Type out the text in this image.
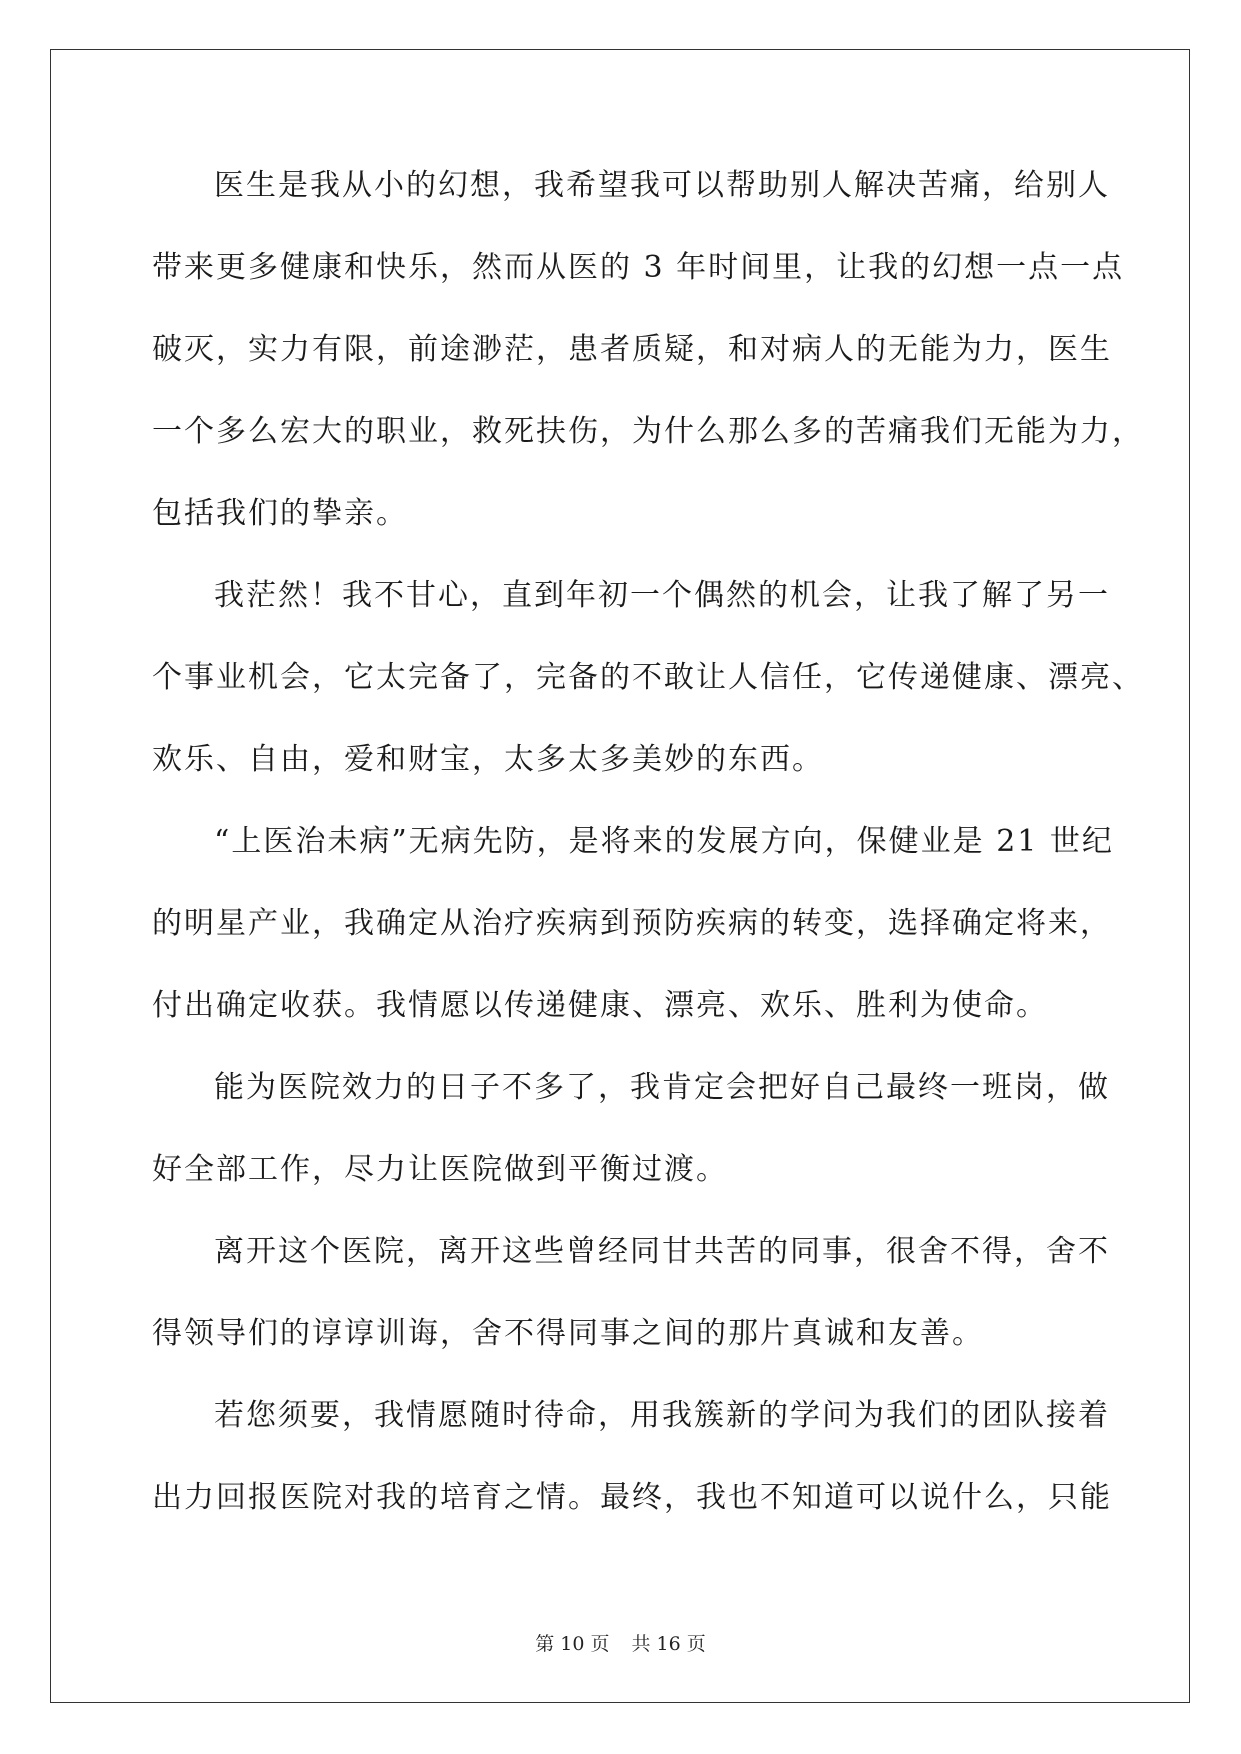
医生是我从小的幻想，我希望我可以帮助别人解决苦痛，给别人
带来更多健康和快乐，然而从医的 3 年时间里，让我的幻想一点一点
破灭，实力有限，前途渺茫，患者质疑，和对病人的无能为力，医生
一个多么宏大的职业，救死扶伤，为什么那么多的苦痛我们无能为力，
包括我们的挚亲。
我茫然！我不甘心，直到年初一个偶然的机会，让我了解了另一
个事业机会，它太完备了，完备的不敢让人信任，它传递健康、漂亮、
欢乐、自由，爱和财宝，太多太多美妙的东西。
“上医治未病”无病先防，是将来的发展方向，保健业是 21 世纪
的明星产业，我确定从治疗疾病到预防疾病的转变，选择确定将来，
付出确定收获。我情愿以传递健康、漂亮、欢乐、胜利为使命。
能为医院效力的日子不多了，我肯定会把好自己最终一班岗，做
好全部工作，尽力让医院做到平衡过渡。
离开这个医院，离开这些曾经同甘共苦的同事，很舍不得，舍不
得领导们的谆谆训诲，舍不得同事之间的那片真诚和友善。
若您须要，我情愿随时待命，用我簇新的学问为我们的团队接着
出力回报医院对我的培育之情。最终，我也不知道可以说什么，只能
第 10 页 共 16 页
